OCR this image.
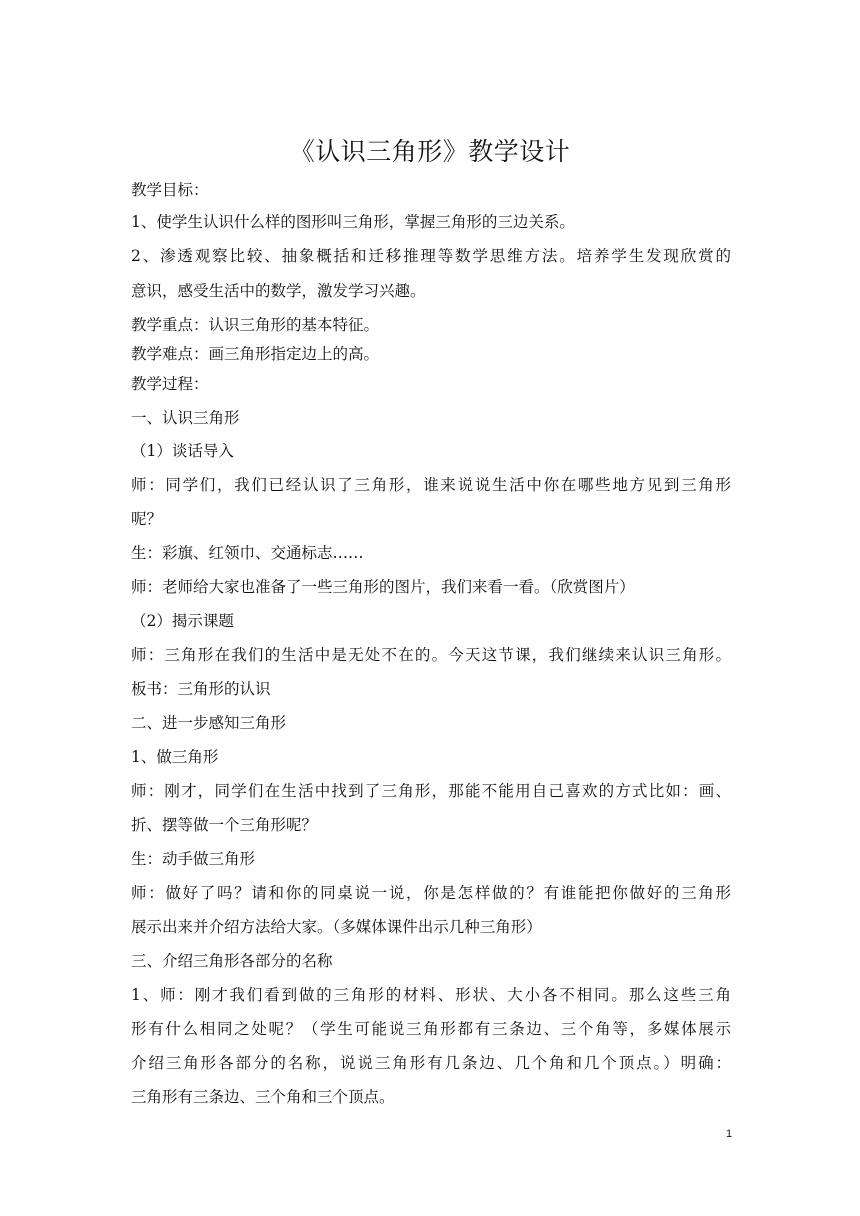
《认识三角形》教学设计
教学目标：
1、使学生认识什么样的图形叫三角形，掌握三角形的三边关系。
2、渗透观察比较、抽象概括和迁移推理等数学思维方法。培养学生发现欣赏的
意识，感受生活中的数学，激发学习兴趣。
教学重点：认识三角形的基本特征。
教学难点：画三角形指定边上的高。
教学过程：
一、认识三角形
（1）谈话导入
师：同学们，我们已经认识了三角形，谁来说说生活中你在哪些地方见到三角形
呢？
生：彩旗、红领巾、交通标志……
师：老师给大家也准备了一些三角形的图片，我们来看一看。（欣赏图片）
（2）揭示课题
师：三角形在我们的生活中是无处不在的。今天这节课，我们继续来认识三角形。
板书：三角形的认识
二、进一步感知三角形
1、做三角形
师：刚才，同学们在生活中找到了三角形，那能不能用自己喜欢的方式比如：画、
折、摆等做一个三角形呢？
生：动手做三角形
师：做好了吗？请和你的同桌说一说，你是怎样做的？有谁能把你做好的三角形
展示出来并介绍方法给大家。（多媒体课件出示几种三角形）
三、介绍三角形各部分的名称
1、师：刚才我们看到做的三角形的材料、形状、大小各不相同。那么这些三角
形有什么相同之处呢？（学生可能说三角形都有三条边、三个角等，多媒体展示
介绍三角形各部分的名称，说说三角形有几条边、几个角和几个顶点。）明确：
三角形有三条边、三个角和三个顶点。
1
